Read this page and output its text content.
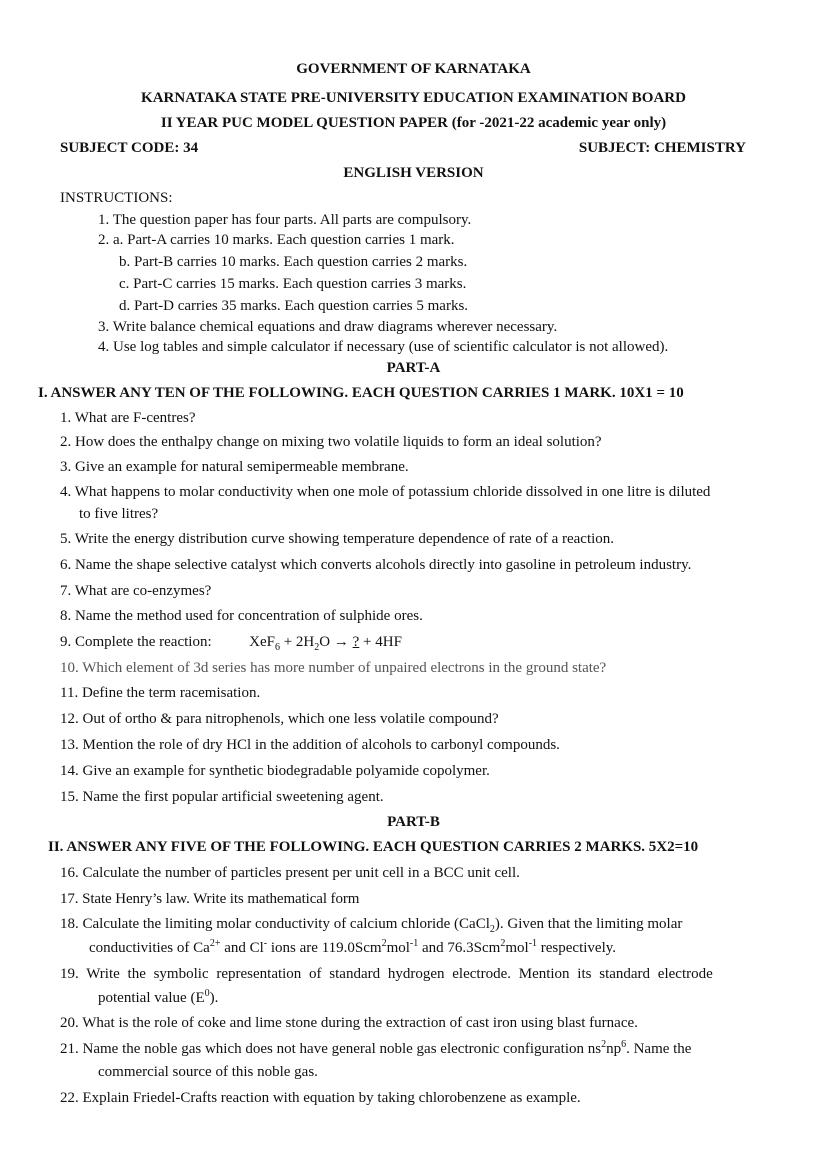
GOVERNMENT OF KARNATAKA
KARNATAKA STATE PRE-UNIVERSITY EDUCATION EXAMINATION BOARD
II YEAR PUC MODEL QUESTION PAPER (for -2021-22 academic year only)
SUBJECT CODE: 34	SUBJECT: CHEMISTRY
ENGLISH VERSION
INSTRUCTIONS:
1. The question paper has four parts. All parts are compulsory.
2. a. Part-A carries 10 marks. Each question carries 1 mark.
b. Part-B carries 10 marks. Each question carries 2 marks.
c. Part-C carries 15 marks. Each question carries 3 marks.
d. Part-D carries 35 marks. Each question carries 5 marks.
3. Write balance chemical equations and draw diagrams wherever necessary.
4. Use log tables and simple calculator if necessary (use of scientific calculator is not allowed).
PART-A
I. ANSWER ANY TEN OF THE FOLLOWING. EACH QUESTION CARRIES 1 MARK. 10X1 = 10
1. What are F-centres?
2. How does the enthalpy change on mixing two volatile liquids to form an ideal solution?
3. Give an example for natural semipermeable membrane.
4. What happens to molar conductivity when one mole of potassium chloride dissolved in one litre is diluted
to five litres?
5. Write the energy distribution curve showing temperature dependence of rate of a reaction.
6. Name the shape selective catalyst which converts alcohols directly into gasoline in petroleum industry.
7. What are co-enzymes?
8. Name the method used for concentration of sulphide ores.
9. Complete the reaction:	$XeF_6 + 2H_2O$ → ? + 4HF
10. Which element of 3d series has more number of unpaired electrons in the ground state?
11. Define the term racemisation.
12. Out of ortho & para nitrophenols, which one less volatile compound?
13. Mention the role of dry HCl in the addition of alcohols to carbonyl compounds.
14. Give an example for synthetic biodegradable polyamide copolymer.
15. Name the first popular artificial sweetening agent.
PART-B
II. ANSWER ANY FIVE OF THE FOLLOWING. EACH QUESTION CARRIES 2 MARKS. 5X2=10
16. Calculate the number of particles present per unit cell in a BCC unit cell.
17. State Henry’s law. Write its mathematical form
18. Calculate the limiting molar conductivity of calcium chloride (CaCl$_2$). Given that the limiting molar
conductivities of $Ca^{2+}$ and Cl- ions are 119.0Scm$^2$mol$^{-1}$ and 76.3Scm$^2$mol$^{-1}$ respectively.
19. Write the symbolic representation of standard hydrogen electrode. Mention its standard electrode
potential value $(E^0)$.
20. What is the role of coke and lime stone during the extraction of cast iron using blast furnace.
21. Name the noble gas which does not have general noble gas electronic configuration $ns^2np^6$. Name the
commercial source of this noble gas.
22. Explain Friedel-Crafts reaction with equation by taking chlorobenzene as example.
